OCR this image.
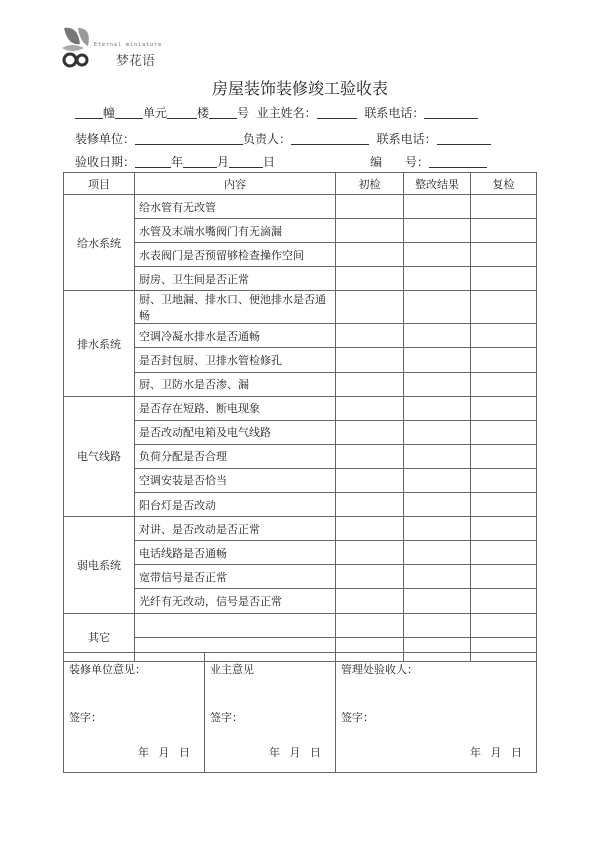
Eternal miniature
梦花语
房屋装饰装修竣工验收表
幢 单元	楼 号  业主姓名：	联系电话：
装修单位：	负责人：	联系电话：
验收日期：	年	月	日	编      号：
项目	内容	初检	整改结果	复检
给水系统	给水管有无改管			
	水管及末端水嘴阀门有无滴漏			
	水表阀门是否预留够检查操作空间			
	厨房、卫生间是否正常			
排水系统	厨、卫地漏、排水口、便池排水是否通畅			
	空调冷凝水排水是否通畅			
	是否封包厨、卫排水管检修孔			
	厨、卫防水是否渗、漏			
电气线路	是否存在短路、断电现象			
	是否改动配电箱及电气线路			
	负荷分配是否合理			
	空调安装是否恰当			
	阳台灯是否改动			
弱电系统	对讲、是否改动是否正常			
	电话线路是否通畅			
	宽带信号是否正常			
	光纤有无改动，信号是否正常			
其它				

装修单位意见：
签字：
年 月 日

业主意见
签字：
年 月 日

管理处验收人：
签字：
年 月 日
